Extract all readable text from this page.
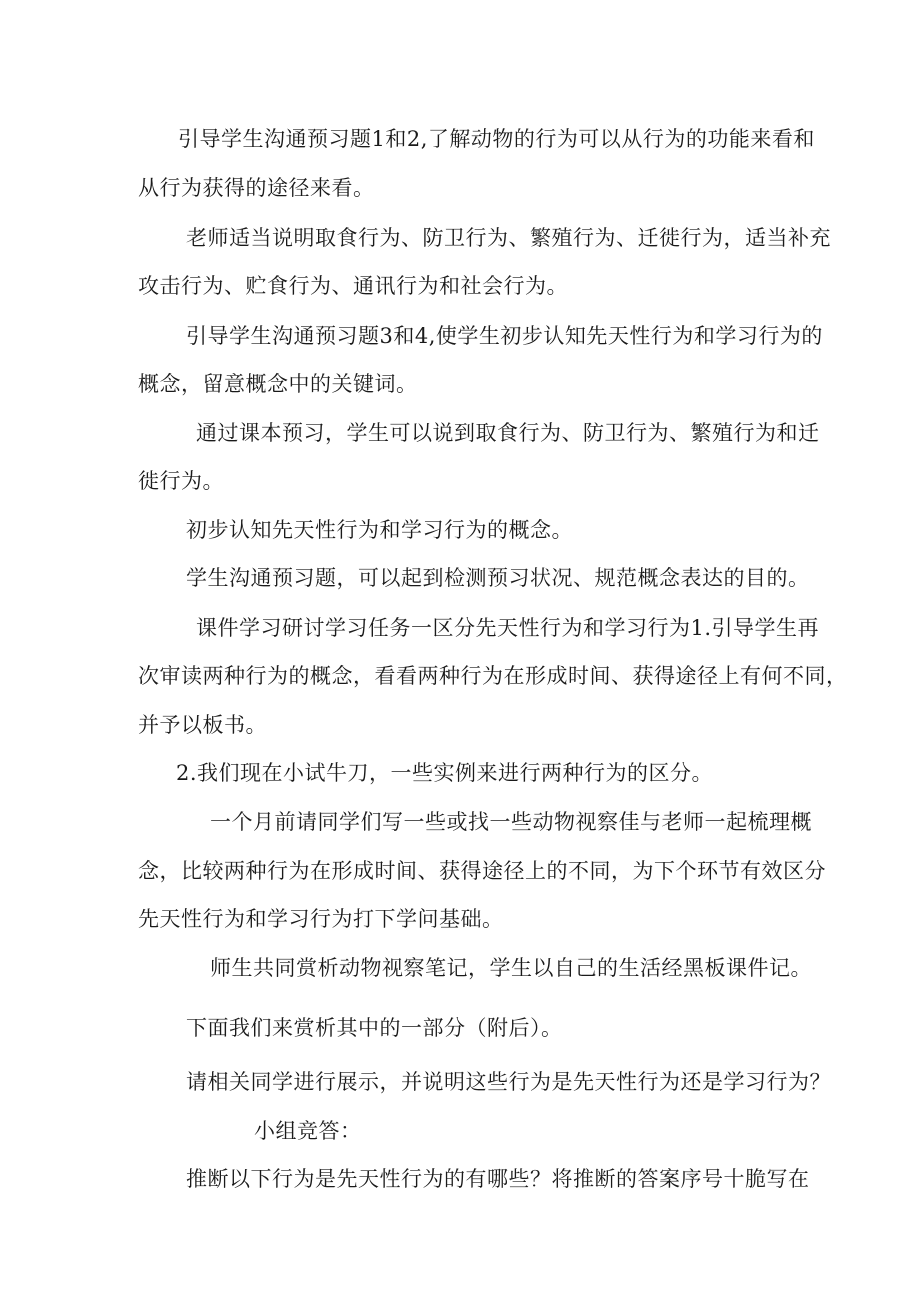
引导学生沟通预习题1和2,了解动物的行为可以从行为的功能来看和
从行为获得的途径来看。
老师适当说明取食行为、防卫行为、繁殖行为、迁徙行为，适当补充
攻击行为、贮食行为、通讯行为和社会行为。
引导学生沟通预习题3和4,使学生初步认知先天性行为和学习行为的
概念，留意概念中的关键词。
通过课本预习，学生可以说到取食行为、防卫行为、繁殖行为和迁
徙行为。
初步认知先天性行为和学习行为的概念。
学生沟通预习题，可以起到检测预习状况、规范概念表达的目的。
课件学习研讨学习任务一区分先天性行为和学习行为1.引导学生再
次审读两种行为的概念，看看两种行为在形成时间、获得途径上有何不同，
并予以板书。
2.我们现在小试牛刀，一些实例来进行两种行为的区分。
一个月前请同学们写一些或找一些动物视察佳与老师一起梳理概
念，比较两种行为在形成时间、获得途径上的不同，为下个环节有效区分
先天性行为和学习行为打下学问基础。
师生共同赏析动物视察笔记，学生以自己的生活经黑板课件记。
下面我们来赏析其中的一部分（附后）。
请相关同学进行展示，并说明这些行为是先天性行为还是学习行为？
小组竞答：
推断以下行为是先天性行为的有哪些？将推断的答案序号十脆写在
